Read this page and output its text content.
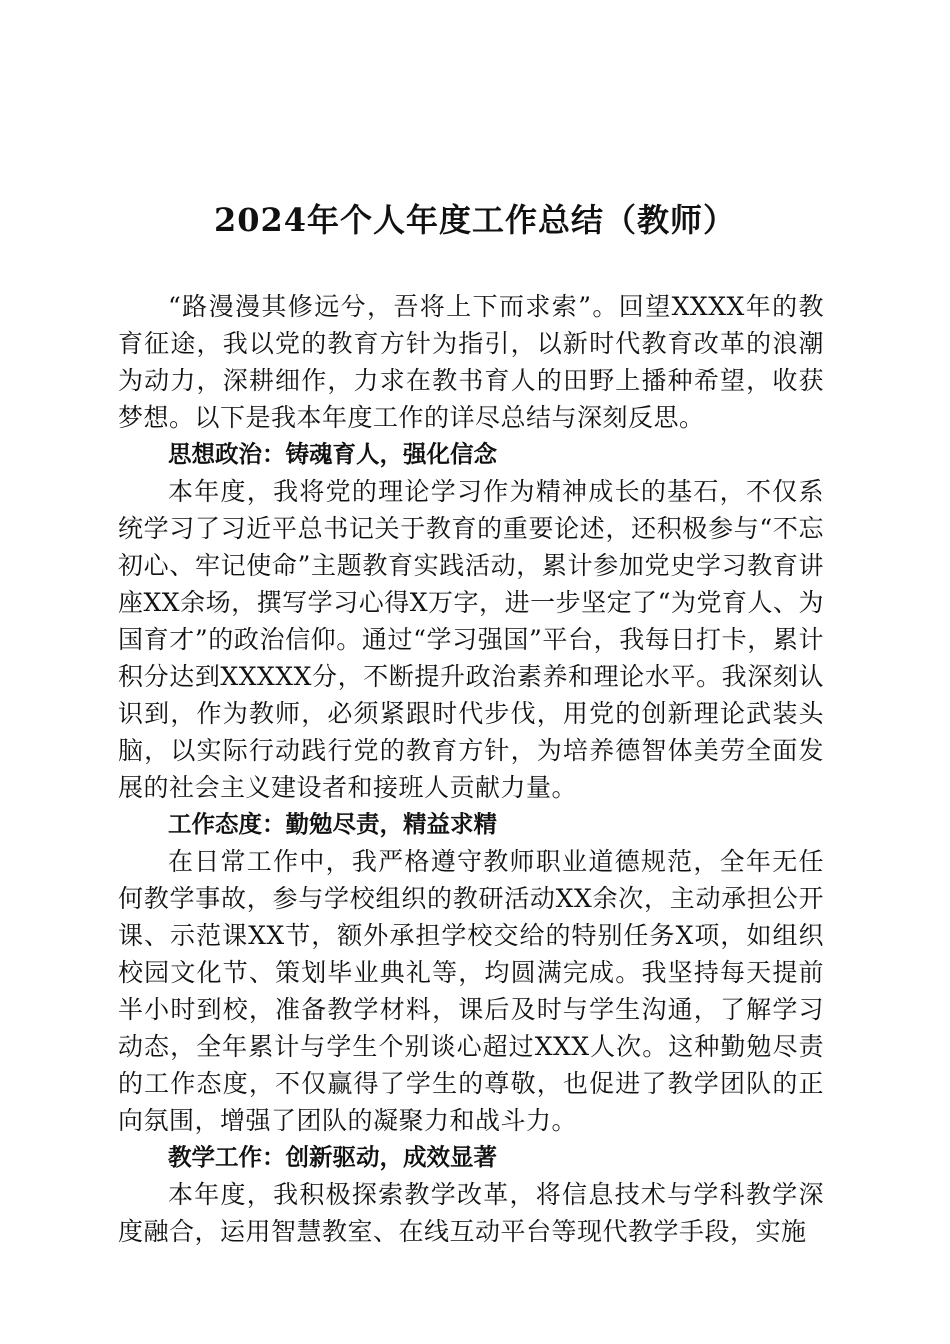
2024年个人年度工作总结（教师）

“路漫漫其修远兮，吾将上下而求索”。回望XXXX年的教育征途，我以党的教育方针为指引，以新时代教育改革的浪潮为动力，深耕细作，力求在教书育人的田野上播种希望，收获梦想。以下是我本年度工作的详尽总结与深刻反思。

思想政治：铸魂育人，强化信念

本年度，我将党的理论学习作为精神成长的基石，不仅系统学习了习近平总书记关于教育的重要论述，还积极参与“不忘初心、牢记使命”主题教育实践活动，累计参加党史学习教育讲座XX余场，撰写学习心得X万字，进一步坚定了“为党育人、为国育才”的政治信仰。通过“学习强国”平台，我每日打卡，累计积分达到XXXXX分，不断提升政治素养和理论水平。我深刻认识到，作为教师，必须紧跟时代步伐，用党的创新理论武装头脑，以实际行动践行党的教育方针，为培养德智体美劳全面发展的社会主义建设者和接班人贡献力量。

工作态度：勤勉尽责，精益求精

在日常工作中，我严格遵守教师职业道德规范，全年无任何教学事故，参与学校组织的教研活动XX余次，主动承担公开课、示范课XX节，额外承担学校交给的特别任务X项，如组织校园文化节、策划毕业典礼等，均圆满完成。我坚持每天提前半小时到校，准备教学材料，课后及时与学生沟通，了解学习动态，全年累计与学生个别谈心超过XXX人次。这种勤勉尽责的工作态度，不仅赢得了学生的尊敬，也促进了教学团队的正向氛围，增强了团队的凝聚力和战斗力。

教学工作：创新驱动，成效显著

本年度，我积极探索教学改革，将信息技术与学科教学深度融合，运用智慧教室、在线互动平台等现代教学手段，实施
